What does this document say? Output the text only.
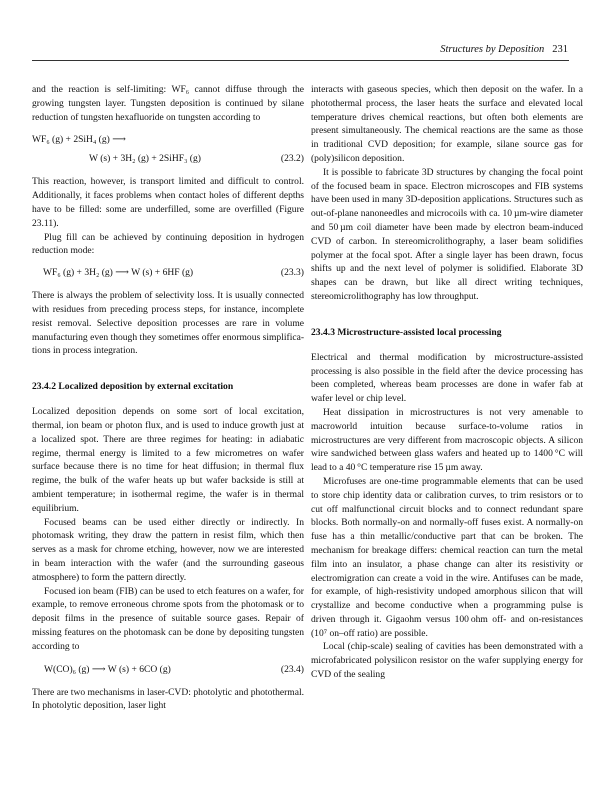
Structures by Deposition 231

and the reaction is self-limiting: WF₆ cannot diffuse through the growing tungsten layer. Tungsten deposition is continued by silane reduction of tungsten hexafluoride on tungsten according to

WF₆ (g) + 2SiH₄ (g) ⟶
W (s) + 3H₂ (g) + 2SiHF₃ (g)	(23.2)

This reaction, however, is transport limited and difficult to control. Additionally, it faces problems when contact holes of different depths have to be filled: some are underfilled, some are overfilled (Figure 23.11).

Plug fill can be achieved by continuing deposition in hydrogen reduction mode:

WF₆ (g) + 3H₂ (g) ⟶ W (s) + 6HF (g)	(23.3)

There is always the problem of selectivity loss. It is usually connected with residues from preceding process steps, for instance, incomplete resist removal. Selective deposition processes are rare in volume manufacturing even though they sometimes offer enormous simplifica-tions in process integration.

23.4.2 Localized deposition by external excitation

Localized deposition depends on some sort of local excitation, thermal, ion beam or photon flux, and is used to induce growth just at a localized spot. There are three regimes for heating: in adiabatic regime, thermal energy is limited to a few micrometres on wafer surface because there is no time for heat diffusion; in thermal flux regime, the bulk of the wafer heats up but wafer backside is still at ambient temperature; in isothermal regime, the wafer is in thermal equilibrium.

Focused beams can be used either directly or indirectly. In photomask writing, they draw the pattern in resist film, which then serves as a mask for chrome etching, however, now we are interested in beam interaction with the wafer (and the surrounding gaseous atmosphere) to form the pattern directly.

Focused ion beam (FIB) can be used to etch features on a wafer, for example, to remove erroneous chrome spots from the photomask or to deposit films in the presence of suitable source gases. Repair of missing features on the photomask can be done by depositing tungsten according to

W(CO)₆ (g) ⟶ W (s) + 6CO (g)	(23.4)

There are two mechanisms in laser-CVD: photolytic and photothermal. In photolytic deposition, laser light

interacts with gaseous species, which then deposit on the wafer. In a photothermal process, the laser heats the surface and elevated local temperature drives chemical reactions, but often both elements are present simultaneously. The chemical reactions are the same as those in traditional CVD deposition; for example, silane source gas for (poly)silicon deposition.

It is possible to fabricate 3D structures by changing the focal point of the focused beam in space. Electron microscopes and FIB systems have been used in many 3D-deposition applications. Structures such as out-of-plane nanoneedles and microcoils with ca. 10 µm-wire diameter and 50 µm coil diameter have been made by electron beam-induced CVD of carbon. In stereomicrolithography, a laser beam solidifies polymer at the focal spot. After a single layer has been drawn, focus shifts up and the next level of polymer is solidified. Elaborate 3D shapes can be drawn, but like all direct writing techniques, stereomicrolithography has low throughput.

23.4.3 Microstructure-assisted local processing

Electrical and thermal modification by microstructure-assisted processing is also possible in the field after the device processing has been completed, whereas beam processes are done in wafer fab at wafer level or chip level.

Heat dissipation in microstructures is not very amenable to macroworld intuition because surface-to-volume ratios in microstructures are very different from macroscopic objects. A silicon wire sandwiched between glass wafers and heated up to 1400 °C will lead to a 40 °C temperature rise 15 µm away.

Microfuses are one-time programmable elements that can be used to store chip identity data or calibration curves, to trim resistors or to cut off malfunctional circuit blocks and to connect redundant spare blocks. Both normally-on and normally-off fuses exist. A normally-on fuse has a thin metallic/conductive part that can be broken. The mechanism for breakage differs: chemical reaction can turn the metal film into an insulator, a phase change can alter its resistivity or electromigration can create a void in the wire. Antifuses can be made, for example, of high-resistivity undoped amorphous silicon that will crystallize and become conductive when a programming pulse is driven through it. Gigaohm versus 100 ohm off- and on-resistances (10⁷ on–off ratio) are possible.

Local (chip-scale) sealing of cavities has been demonstrated with a microfabricated polysilicon resistor on the wafer supplying energy for CVD of the sealing
